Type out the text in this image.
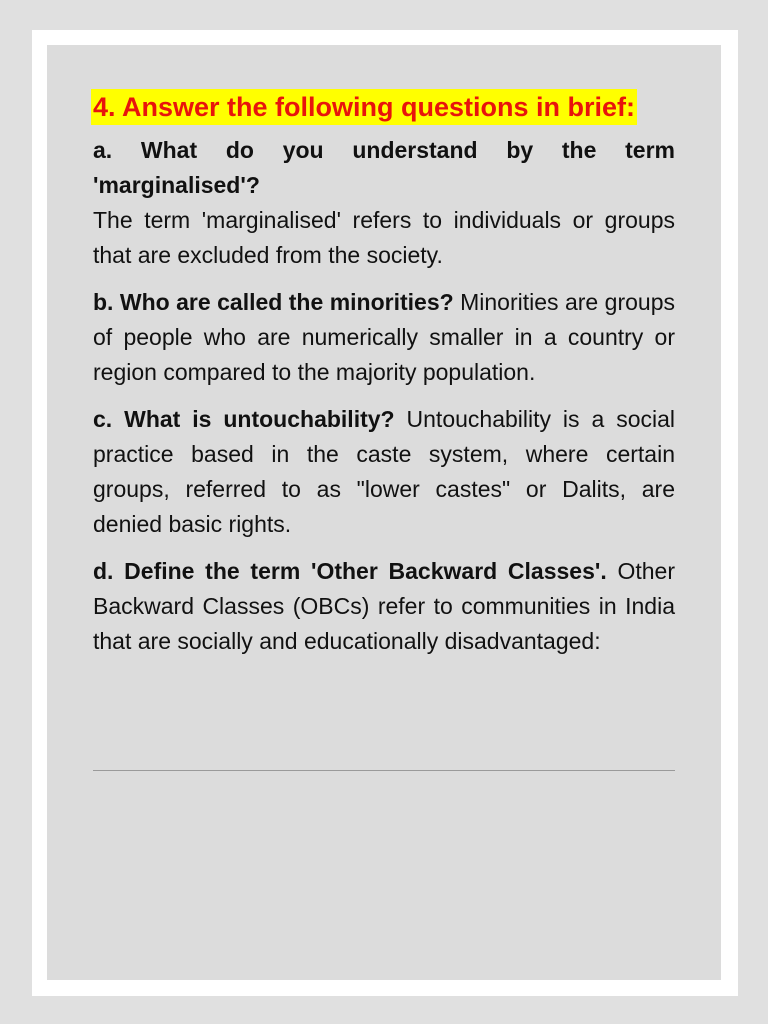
4. Answer the following questions in brief:
a. What do you understand by the term 'marginalised'?
The term 'marginalised' refers to individuals or groups that are excluded from the society.
b. Who are called the minorities? Minorities are groups of people who are numerically smaller in a country or region compared to the majority population.
c. What is untouchability? Untouchability is a social practice based in the caste system, where certain groups, referred to as "lower castes" or Dalits, are denied basic rights.
d. Define the term 'Other Backward Classes'. Other Backward Classes (OBCs) refer to communities in India that are socially and educationally disadvantaged:
